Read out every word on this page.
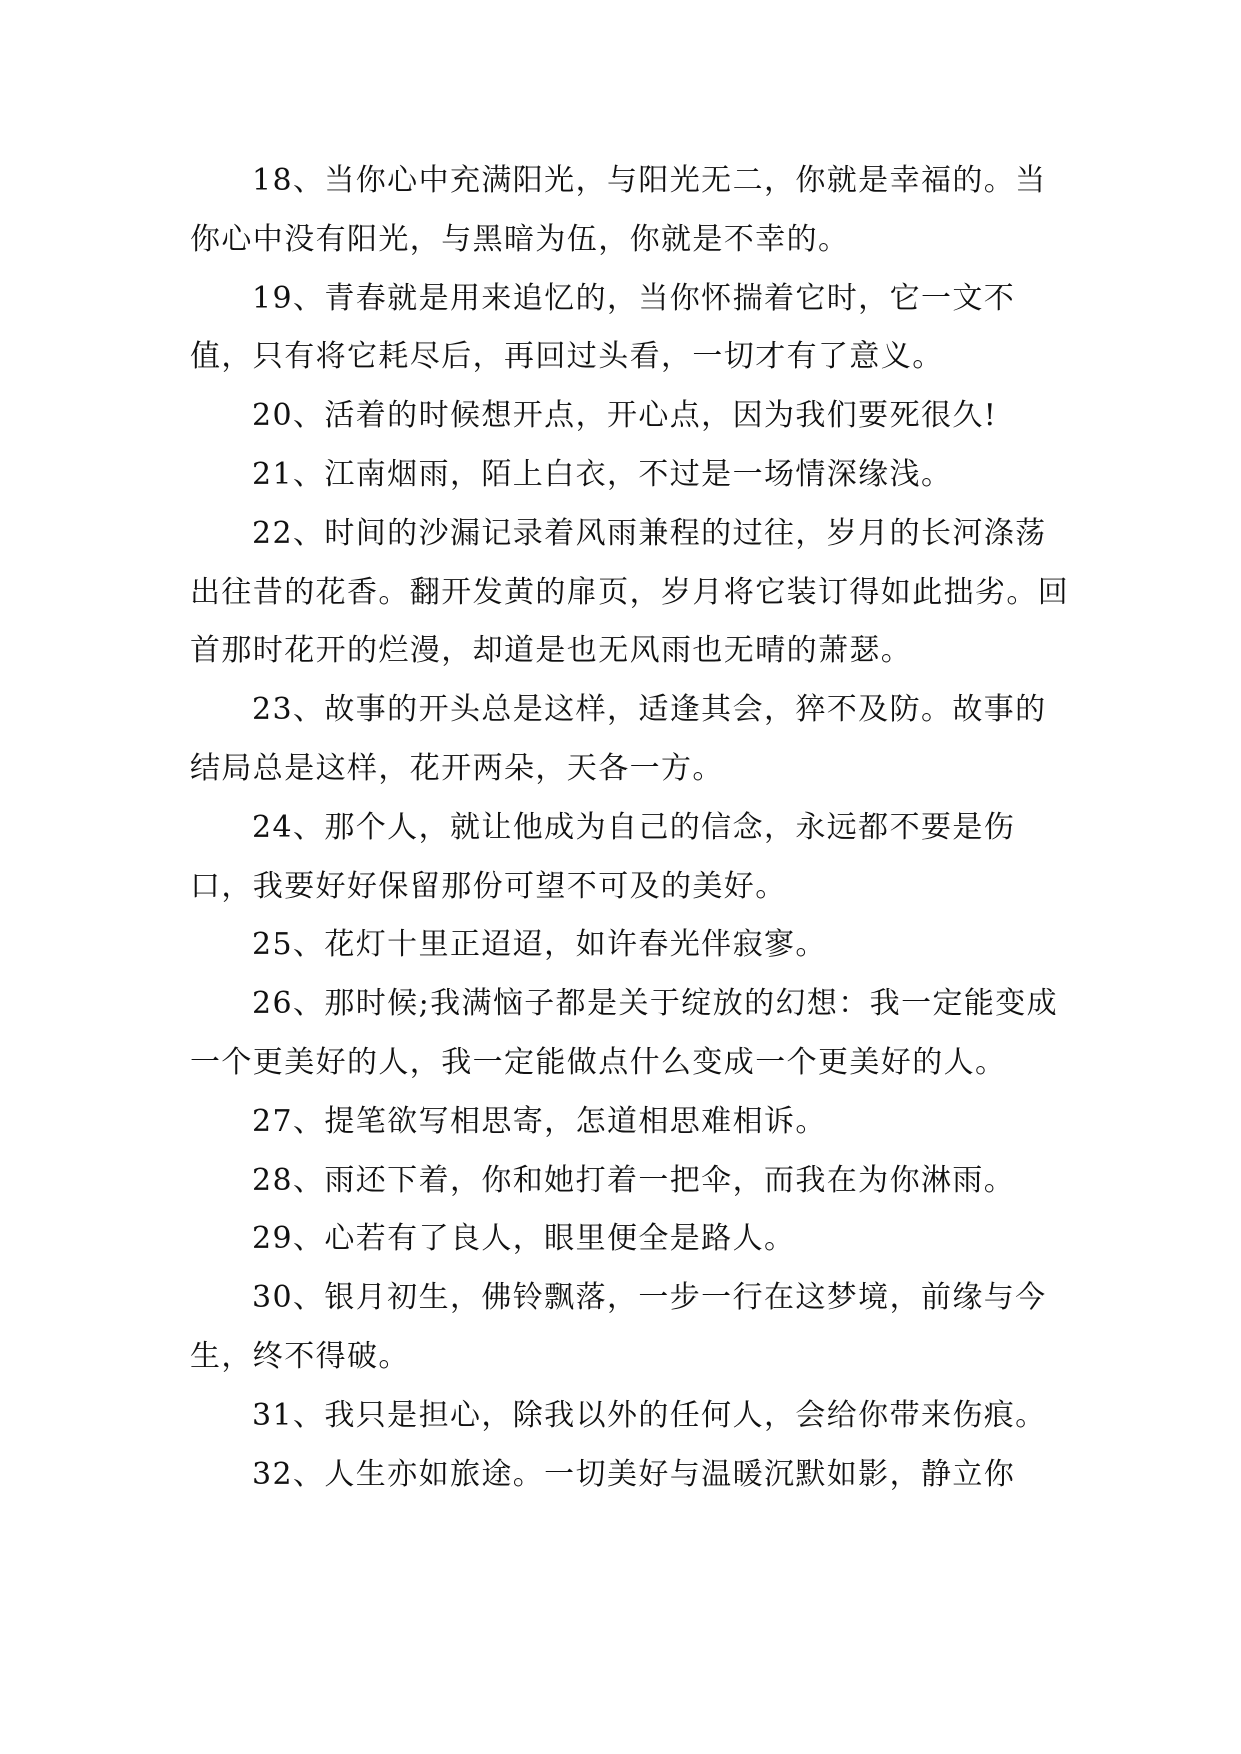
18、当你心中充满阳光，与阳光无二，你就是幸福的。当你心中没有阳光，与黑暗为伍，你就是不幸的。

19、青春就是用来追忆的，当你怀揣着它时，它一文不值，只有将它耗尽后，再回过头看，一切才有了意义。

20、活着的时候想开点，开心点，因为我们要死很久!

21、江南烟雨，陌上白衣，不过是一场情深缘浅。

22、时间的沙漏记录着风雨兼程的过往，岁月的长河涤荡出往昔的花香。翻开发黄的扉页，岁月将它装订得如此拙劣。回首那时花开的烂漫，却道是也无风雨也无晴的萧瑟。

23、故事的开头总是这样，适逢其会，猝不及防。故事的结局总是这样，花开两朵，天各一方。

24、那个人，就让他成为自己的信念，永远都不要是伤口，我要好好保留那份可望不可及的美好。

25、花灯十里正迢迢，如许春光伴寂寥。

26、那时候;我满恼子都是关于绽放的幻想：我一定能变成一个更美好的人，我一定能做点什么变成一个更美好的人。

27、提笔欲写相思寄，怎道相思难相诉。

28、雨还下着，你和她打着一把伞，而我在为你淋雨。

29、心若有了良人，眼里便全是路人。

30、银月初生，佛铃飘落，一步一行在这梦境，前缘与今生，终不得破。

31、我只是担心，除我以外的任何人，会给你带来伤痕。

32、人生亦如旅途。一切美好与温暖沉默如影，静立你
